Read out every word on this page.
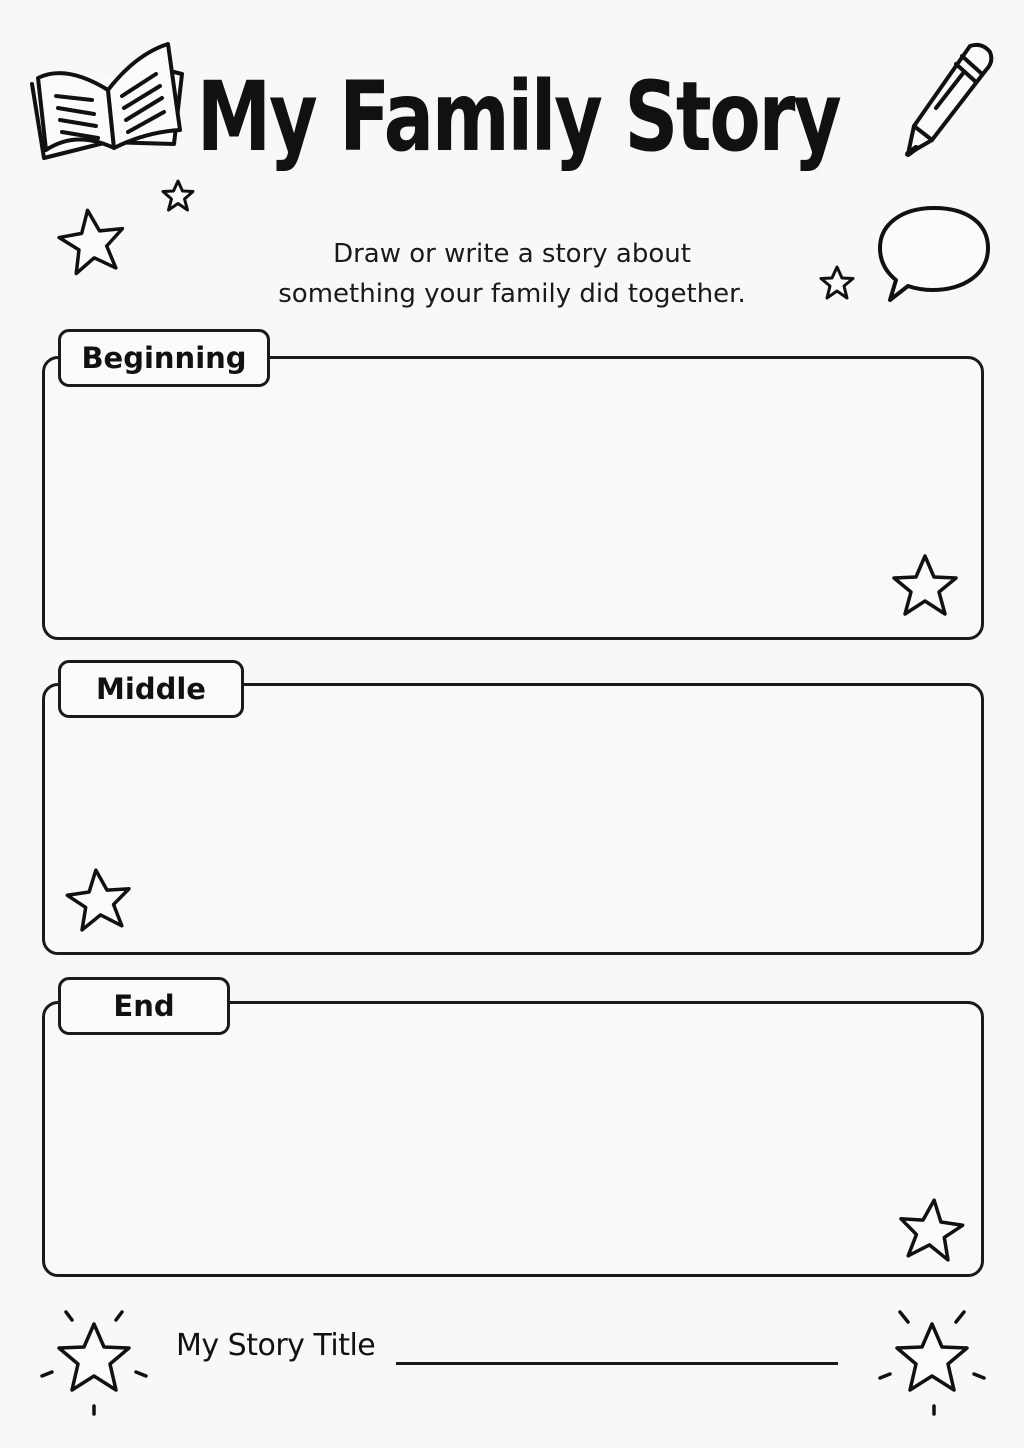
My Family Story
Draw or write a story about
something your family did together.
Beginning
Middle
End
My Story Title
